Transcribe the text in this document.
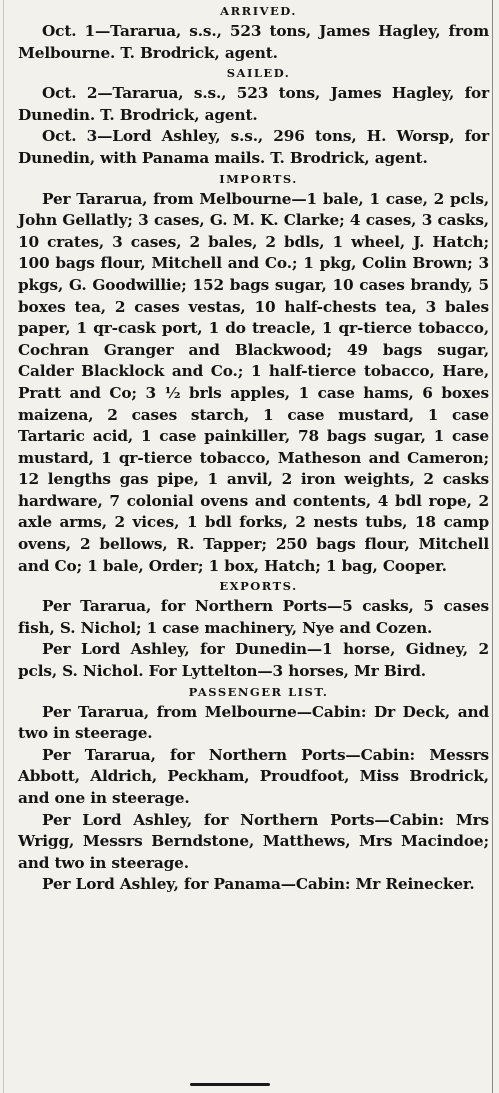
ARRIVED.

Oct. 1—Tararua, s.s., 523 tons, James Hagley, from Melbourne. T. Brodrick, agent.

SAILED.

Oct. 2—Tararua, s.s., 523 tons, James Hagley, for Dunedin. T. Brodrick, agent.

Oct. 3—Lord Ashley, s.s., 296 tons, H. Worsp, for Dunedin, with Panama mails. T. Brodrick, agent.

IMPORTS.

Per Tararua, from Melbourne—1 bale, 1 case, 2 pcls, John Gellatly; 3 cases, G. M. K. Clarke; 4 cases, 3 casks, 10 crates, 3 cases, 2 bales, 2 bdls, 1 wheel, J. Hatch; 100 bags flour, Mitchell and Co.; 1 pkg, Colin Brown; 3 pkgs, G. Goodwillie; 152 bags sugar, 10 cases brandy, 5 boxes tea, 2 cases vestas, 10 half-chests tea, 3 bales paper, 1 qr-cask port, 1 do treacle, 1 qr-tierce tobacco, Cochran Granger and Blackwood; 49 bags sugar, Calder Blacklock and Co.; 1 half-tierce tobacco, Hare, Pratt and Co; 3 ½ brls apples, 1 case hams, 6 boxes maizena, 2 cases starch, 1 case mustard, 1 case Tartaric acid, 1 case painkiller, 78 bags sugar, 1 case mustard, 1 qr-tierce tobacco, Matheson and Cameron; 12 lengths gas pipe, 1 anvil, 2 iron weights, 2 casks hardware, 7 colonial ovens and contents, 4 bdl rope, 2 axle arms, 2 vices, 1 bdl forks, 2 nests tubs, 18 camp ovens, 2 bellows, R. Tapper; 250 bags flour, Mitchell and Co; 1 bale, Order; 1 box, Hatch; 1 bag, Cooper.

EXPORTS.

Per Tararua, for Northern Ports—5 casks, 5 cases fish, S. Nichol; 1 case machinery, Nye and Cozen.

Per Lord Ashley, for Dunedin—1 horse, Gidney, 2 pcls, S. Nichol. For Lyttelton—3 horses, Mr Bird.

PASSENGER LIST.

Per Tararua, from Melbourne—Cabin: Dr Deck, and two in steerage.

Per Tararua, for Northern Ports—Cabin: Messrs Abbott, Aldrich, Peckham, Proudfoot, Miss Brodrick, and one in steerage.

Per Lord Ashley, for Northern Ports—Cabin: Mrs Wrigg, Messrs Berndstone, Matthews, Mrs Macindoe; and two in steerage.

Per Lord Ashley, for Panama—Cabin: Mr Reinecker.
